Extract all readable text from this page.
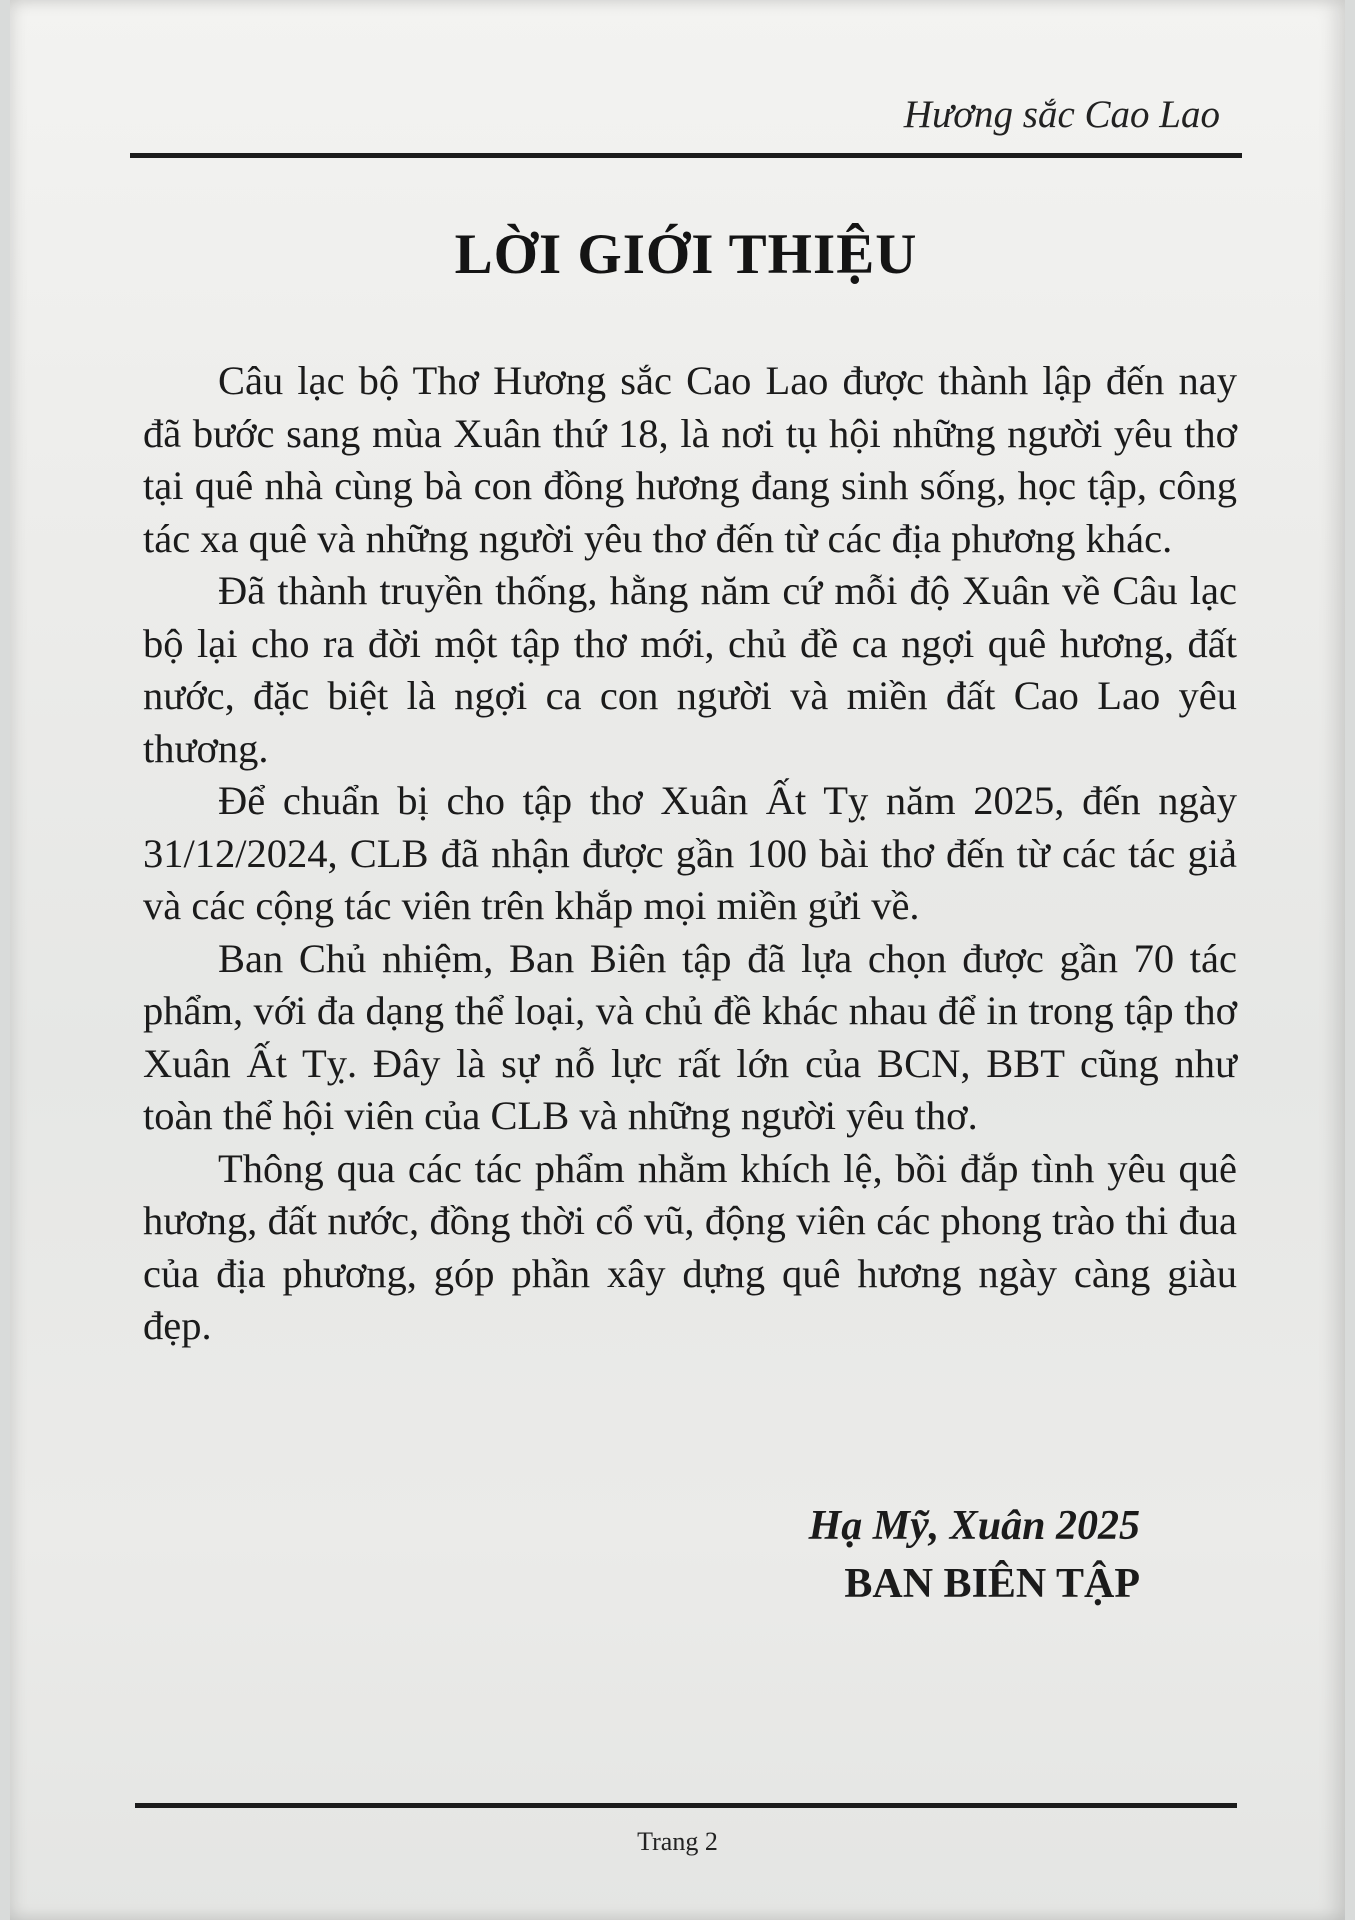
Hương sắc Cao Lao
LỜI GIỚI THIỆU

Câu lạc bộ Thơ Hương sắc Cao Lao được thành lập đến nay đã bước sang mùa Xuân thứ 18, là nơi tụ hội những người yêu thơ tại quê nhà cùng bà con đồng hương đang sinh sống, học tập, công tác xa quê và những người yêu thơ đến từ các địa phương khác.

Đã thành truyền thống, hằng năm cứ mỗi độ Xuân về Câu lạc bộ lại cho ra đời một tập thơ mới, chủ đề ca ngợi quê hương, đất nước, đặc biệt là ngợi ca con người và miền đất Cao Lao yêu thương.

Để chuẩn bị cho tập thơ Xuân Ất Tỵ năm 2025, đến ngày 31/12/2024, CLB đã nhận được gần 100 bài thơ đến từ các tác giả và các cộng tác viên trên khắp mọi miền gửi về.

Ban Chủ nhiệm, Ban Biên tập đã lựa chọn được gần 70 tác phẩm, với đa dạng thể loại, và chủ đề khác nhau để in trong tập thơ Xuân Ất Tỵ. Đây là sự nỗ lực rất lớn của BCN, BBT cũng như toàn thể hội viên của CLB và những người yêu thơ.

Thông qua các tác phẩm nhằm khích lệ, bồi đắp tình yêu quê hương, đất nước, đồng thời cổ vũ, động viên các phong trào thi đua của địa phương, góp phần xây dựng quê hương ngày càng giàu đẹp.

Hạ Mỹ, Xuân 2025
BAN BIÊN TẬP
Trang 2
